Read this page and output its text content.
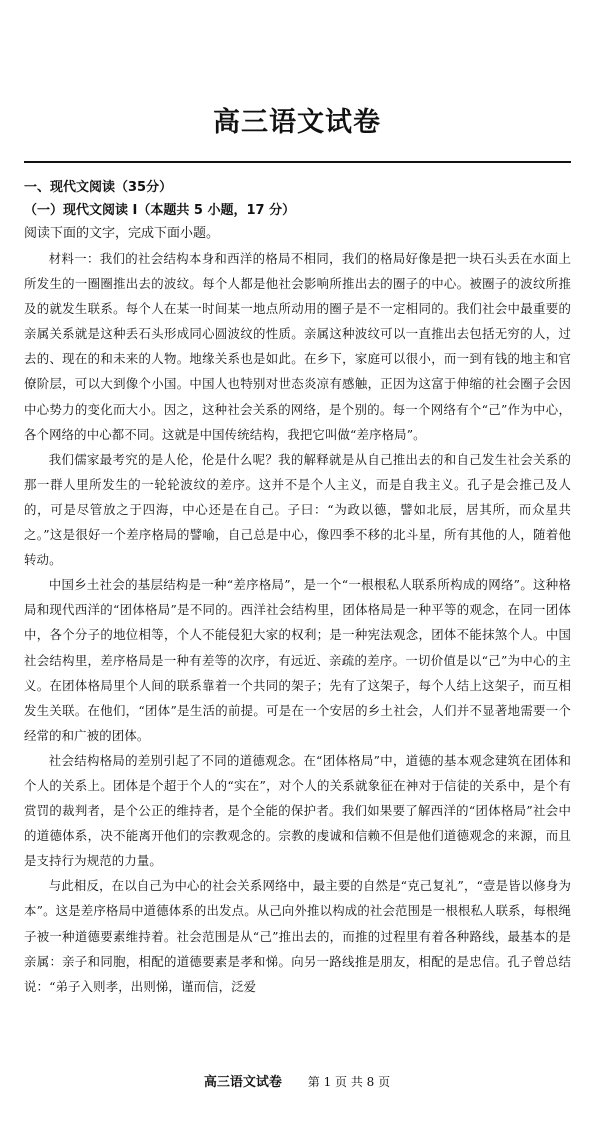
高三语文试卷
一、现代文阅读（35分）
（一）现代文阅读 I（本题共 5 小题，17 分）
阅读下面的文字，完成下面小题。

材料一：我们的社会结构本身和西洋的格局不相同，我们的格局好像是把一块石头丢在水面上所发生的一圈圈推出去的波纹。每个人都是他社会影响所推出去的圈子的中心。被圈子的波纹所推及的就发生联系。每个人在某一时间某一地点所动用的圈子是不一定相同的。我们社会中最重要的亲属关系就是这种丢石头形成同心圆波纹的性质。亲属这种波纹可以一直推出去包括无穷的人，过去的、现在的和未来的人物。地缘关系也是如此。在乡下，家庭可以很小，而一到有钱的地主和官僚阶层，可以大到像个小国。中国人也特别对世态炎凉有感触，正因为这富于伸缩的社会圈子会因中心势力的变化而大小。因之，这种社会关系的网络，是个别的。每一个网络有个“己”作为中心，各个网络的中心都不同。这就是中国传统结构，我把它叫做“差序格局”。

我们儒家最考究的是人伦，伦是什么呢？我的解释就是从自己推出去的和自己发生社会关系的那一群人里所发生的一轮轮波纹的差序。这并不是个人主义，而是自我主义。孔子是会推己及人的，可是尽管放之于四海，中心还是在自己。子曰：“为政以德，譬如北辰，居其所，而众星共之。”这是很好一个差序格局的譬喻，自己总是中心，像四季不移的北斗星，所有其他的人，随着他转动。

中国乡土社会的基层结构是一种“差序格局”，是一个“一根根私人联系所构成的网络”。这种格局和现代西洋的“团体格局”是不同的。西洋社会结构里，团体格局是一种平等的观念，在同一团体中，各个分子的地位相等，个人不能侵犯大家的权利；是一种宪法观念，团体不能抹煞个人。中国社会结构里，差序格局是一种有差等的次序，有远近、亲疏的差序。一切价值是以“己”为中心的主义。在团体格局里个人间的联系靠着一个共同的架子；先有了这架子，每个人结上这架子，而互相发生关联。在他们，“团体”是生活的前提。可是在一个安居的乡土社会，人们并不显著地需要一个经常的和广被的团体。

社会结构格局的差别引起了不同的道德观念。在“团体格局”中，道德的基本观念建筑在团体和个人的关系上。团体是个超于个人的“实在”，对个人的关系就象征在神对于信徒的关系中，是个有赏罚的裁判者，是个公正的维持者，是个全能的保护者。我们如果要了解西洋的“团体格局”社会中的道德体系，决不能离开他们的宗教观念的。宗教的虔诚和信赖不但是他们道德观念的来源，而且是支持行为规范的力量。

与此相反，在以自己为中心的社会关系网络中，最主要的自然是“克己复礼”，“壹是皆以修身为本”。这是差序格局中道德体系的出发点。从己向外推以构成的社会范围是一根根私人联系，每根绳子被一种道德要素维持着。社会范围是从“己”推出去的，而推的过程里有着各种路线，最基本的是亲属：亲子和同胞，相配的道德要素是孝和悌。向另一路线推是朋友，相配的是忠信。孔子曾总结说：“弟子入则孝，出则悌，谨而信，泛爱

高三语文试卷 第 1 页 共 8 页
